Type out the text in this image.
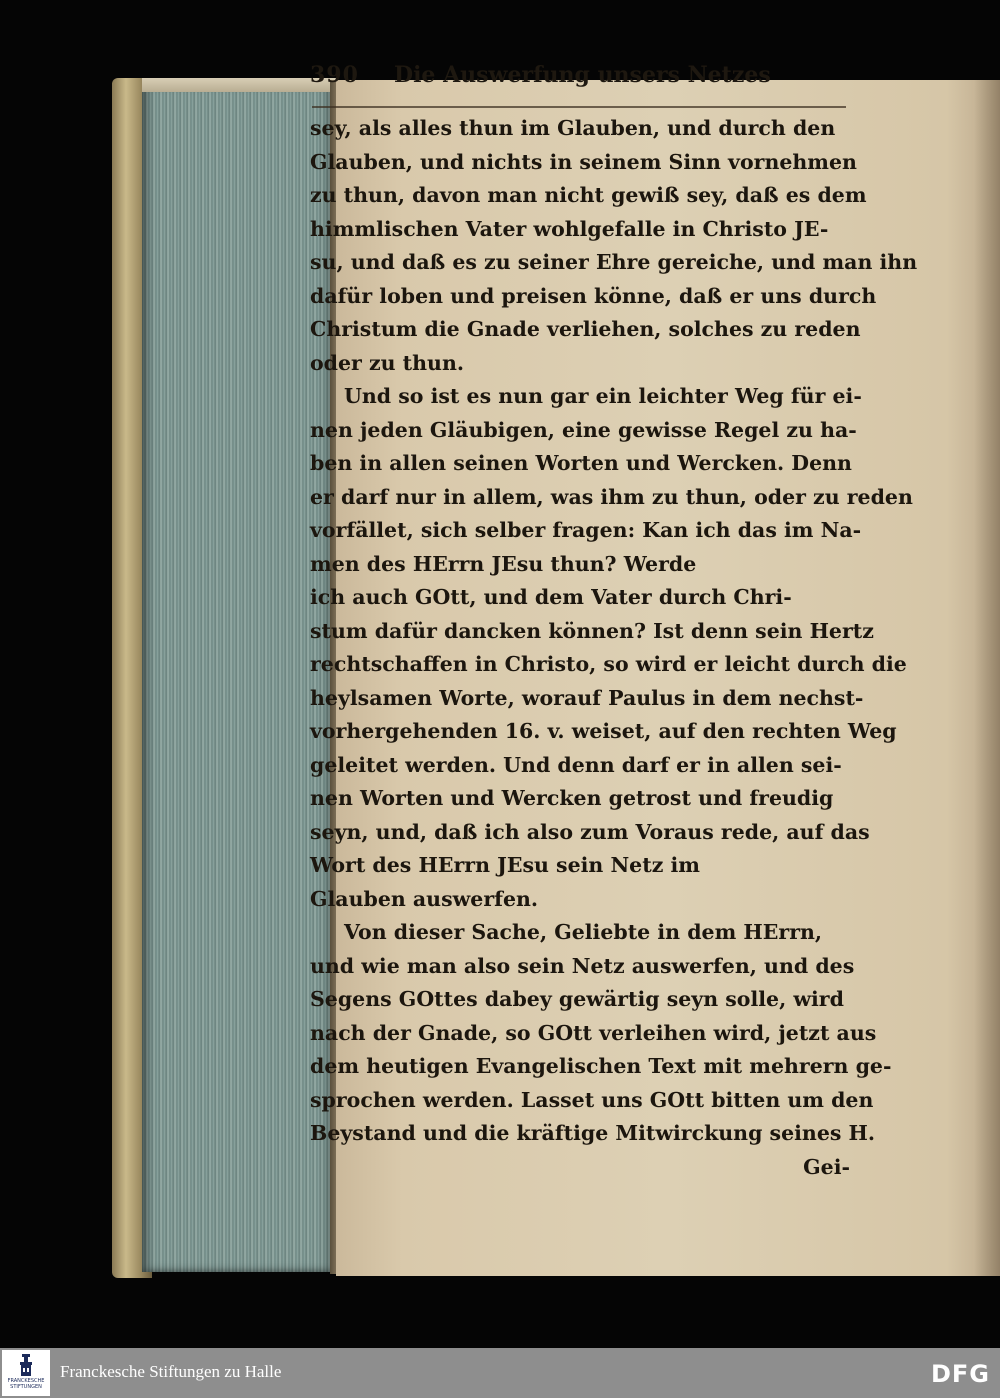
390 Die Auswerfung unsers Netzes

sey, als alles thun im Glauben, und durch den

Glauben, und nichts in seinem Sinn vornehmen

zu thun, davon man nicht gewiß sey, daß es dem

himmlischen Vater wohlgefalle in Christo JE-

su, und daß es zu seiner Ehre gereiche, und man ihn

dafür loben und preisen könne, daß er uns durch

Christum die Gnade verliehen, solches zu reden

oder zu thun.

Und so ist es nun gar ein leichter Weg für ei-

nen jeden Gläubigen, eine gewisse Regel zu ha-

ben in allen seinen Worten und Wercken. Denn

er darf nur in allem, was ihm zu thun, oder zu reden

vorfället, sich selber fragen: Kan ich das im Na-

men des HErrn JEsu thun? Werde

ich auch GOtt, und dem Vater durch Chri-

stum dafür dancken können? Ist denn sein Hertz

rechtschaffen in Christo, so wird er leicht durch die

heylsamen Worte, worauf Paulus in dem nechst-

vorhergehenden 16. v. weiset, auf den rechten Weg

geleitet werden. Und denn darf er in allen sei-

nen Worten und Wercken getrost und freudig

seyn, und, daß ich also zum Voraus rede, auf das

Wort des HErrn JEsu sein Netz im

Glauben auswerfen.

Von dieser Sache, Geliebte in dem HErrn,

und wie man also sein Netz auswerfen, und des

Segens GOttes dabey gewärtig seyn solle, wird

nach der Gnade, so GOtt verleihen wird, jetzt aus

dem heutigen Evangelischen Text mit mehrern ge-

sprochen werden. Lasset uns GOtt bitten um den

Beystand und die kräftige Mitwirckung seines H.

Gei-

FRANCKESCHE
STIFTUNGEN
Franckesche Stiftungen zu Halle	DFG
